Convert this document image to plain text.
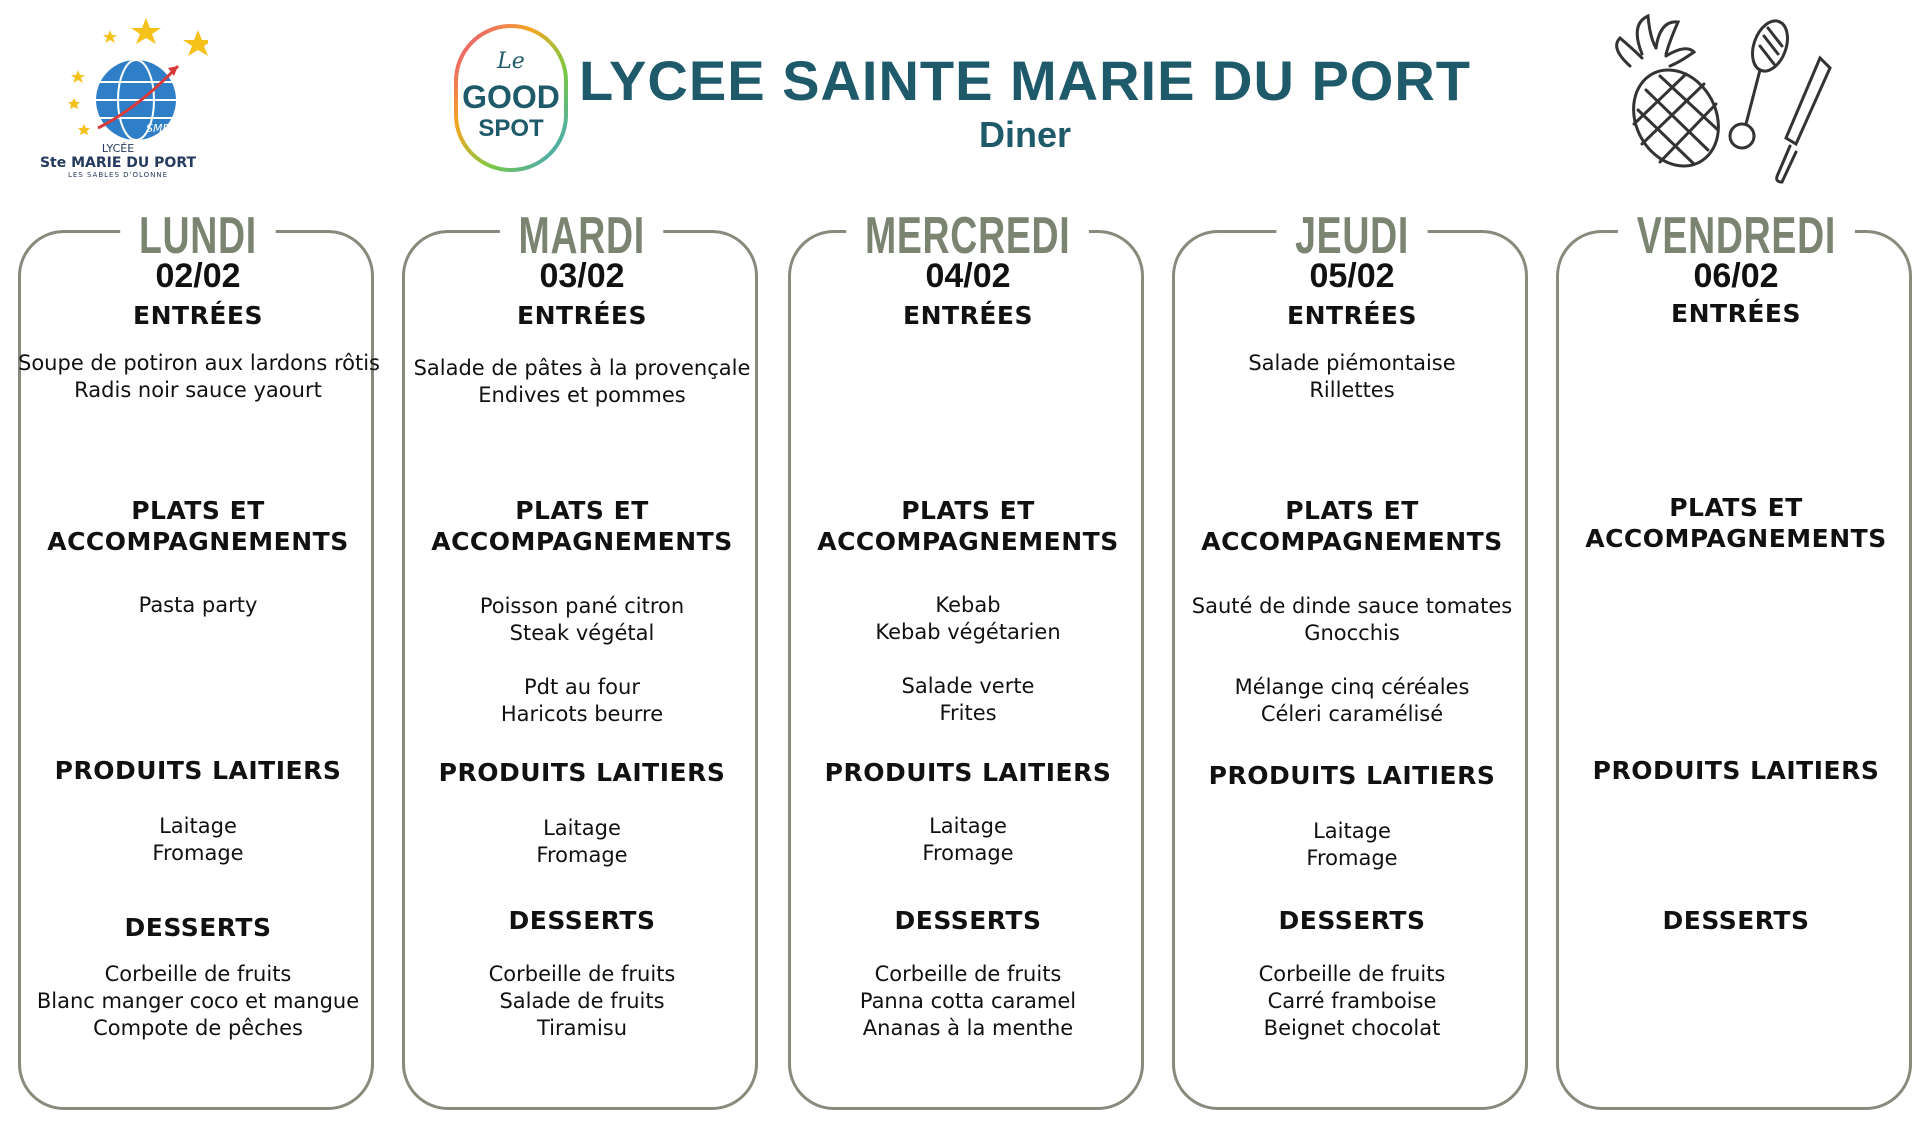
LYCEE SAINTE MARIE DU PORT
Diner
SMP
LYCÉE
Ste MARIE DU PORT
LES SABLES D'OLONNE
Le
GOOD
SPOT
LUNDI
02/02
ENTRÉES
Soupe de potiron aux lardons rôtis
Radis noir sauce yaourt
PLATS ET
ACCOMPAGNEMENTS
Pasta party
PRODUITS LAITIERS
Laitage
Fromage
DESSERTS
Corbeille de fruits
Blanc manger coco et mangue
Compote de pêches
MARDI
03/02
ENTRÉES
Salade de pâtes à la provençale
Endives et pommes
PLATS ET
ACCOMPAGNEMENTS
Poisson pané citron
Steak végétal
Pdt au four
Haricots beurre
PRODUITS LAITIERS
Laitage
Fromage
DESSERTS
Corbeille de fruits
Salade de fruits
Tiramisu
MERCREDI
04/02
ENTRÉES
PLATS ET
ACCOMPAGNEMENTS
Kebab
Kebab végétarien
Salade verte
Frites
PRODUITS LAITIERS
Laitage
Fromage
DESSERTS
Corbeille de fruits
Panna cotta caramel
Ananas à la menthe
JEUDI
05/02
ENTRÉES
Salade piémontaise
Rillettes
PLATS ET
ACCOMPAGNEMENTS
Sauté de dinde sauce tomates
Gnocchis
Mélange cinq céréales
Céleri caramélisé
PRODUITS LAITIERS
Laitage
Fromage
DESSERTS
Corbeille de fruits
Carré framboise
Beignet chocolat
VENDREDI
06/02
ENTRÉES
PLATS ET
ACCOMPAGNEMENTS
PRODUITS LAITIERS
DESSERTS
